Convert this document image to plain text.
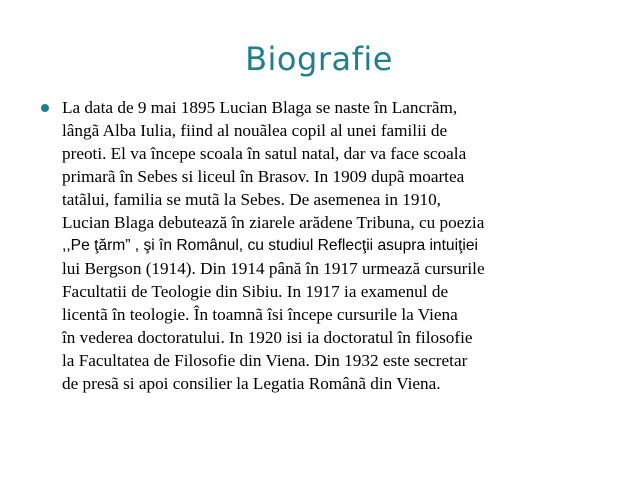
Biografie
La data de 9 mai 1895 Lucian Blaga se naste în Lancrãm,
lângã Alba Iulia, fiind al nouãlea copil al unei familii de
preoti. El va începe scoala în satul natal, dar va face scoala
primarã în Sebes si liceul în Brasov. In 1909 dupã moartea
tatãlui, familia se mutã la Sebes. De asemenea in 1910,
Lucian Blaga debutează în ziarele arădene Tribuna, cu poezia
,,Pe ţărm” , şi în Românul, cu studiul Reflecţii asupra intuiţiei
lui Bergson (1914). Din 1914 până în 1917 urmează cursurile
Facultatii de Teologie din Sibiu. In 1917 ia examenul de
licentã în teologie. În toamnã îsi începe cursurile la Viena
în vederea doctoratului. In 1920 isi ia doctoratul în filosofie
la Facultatea de Filosofie din Viena. Din 1932 este secretar
de presã si apoi consilier la Legatia Românã din Viena.
